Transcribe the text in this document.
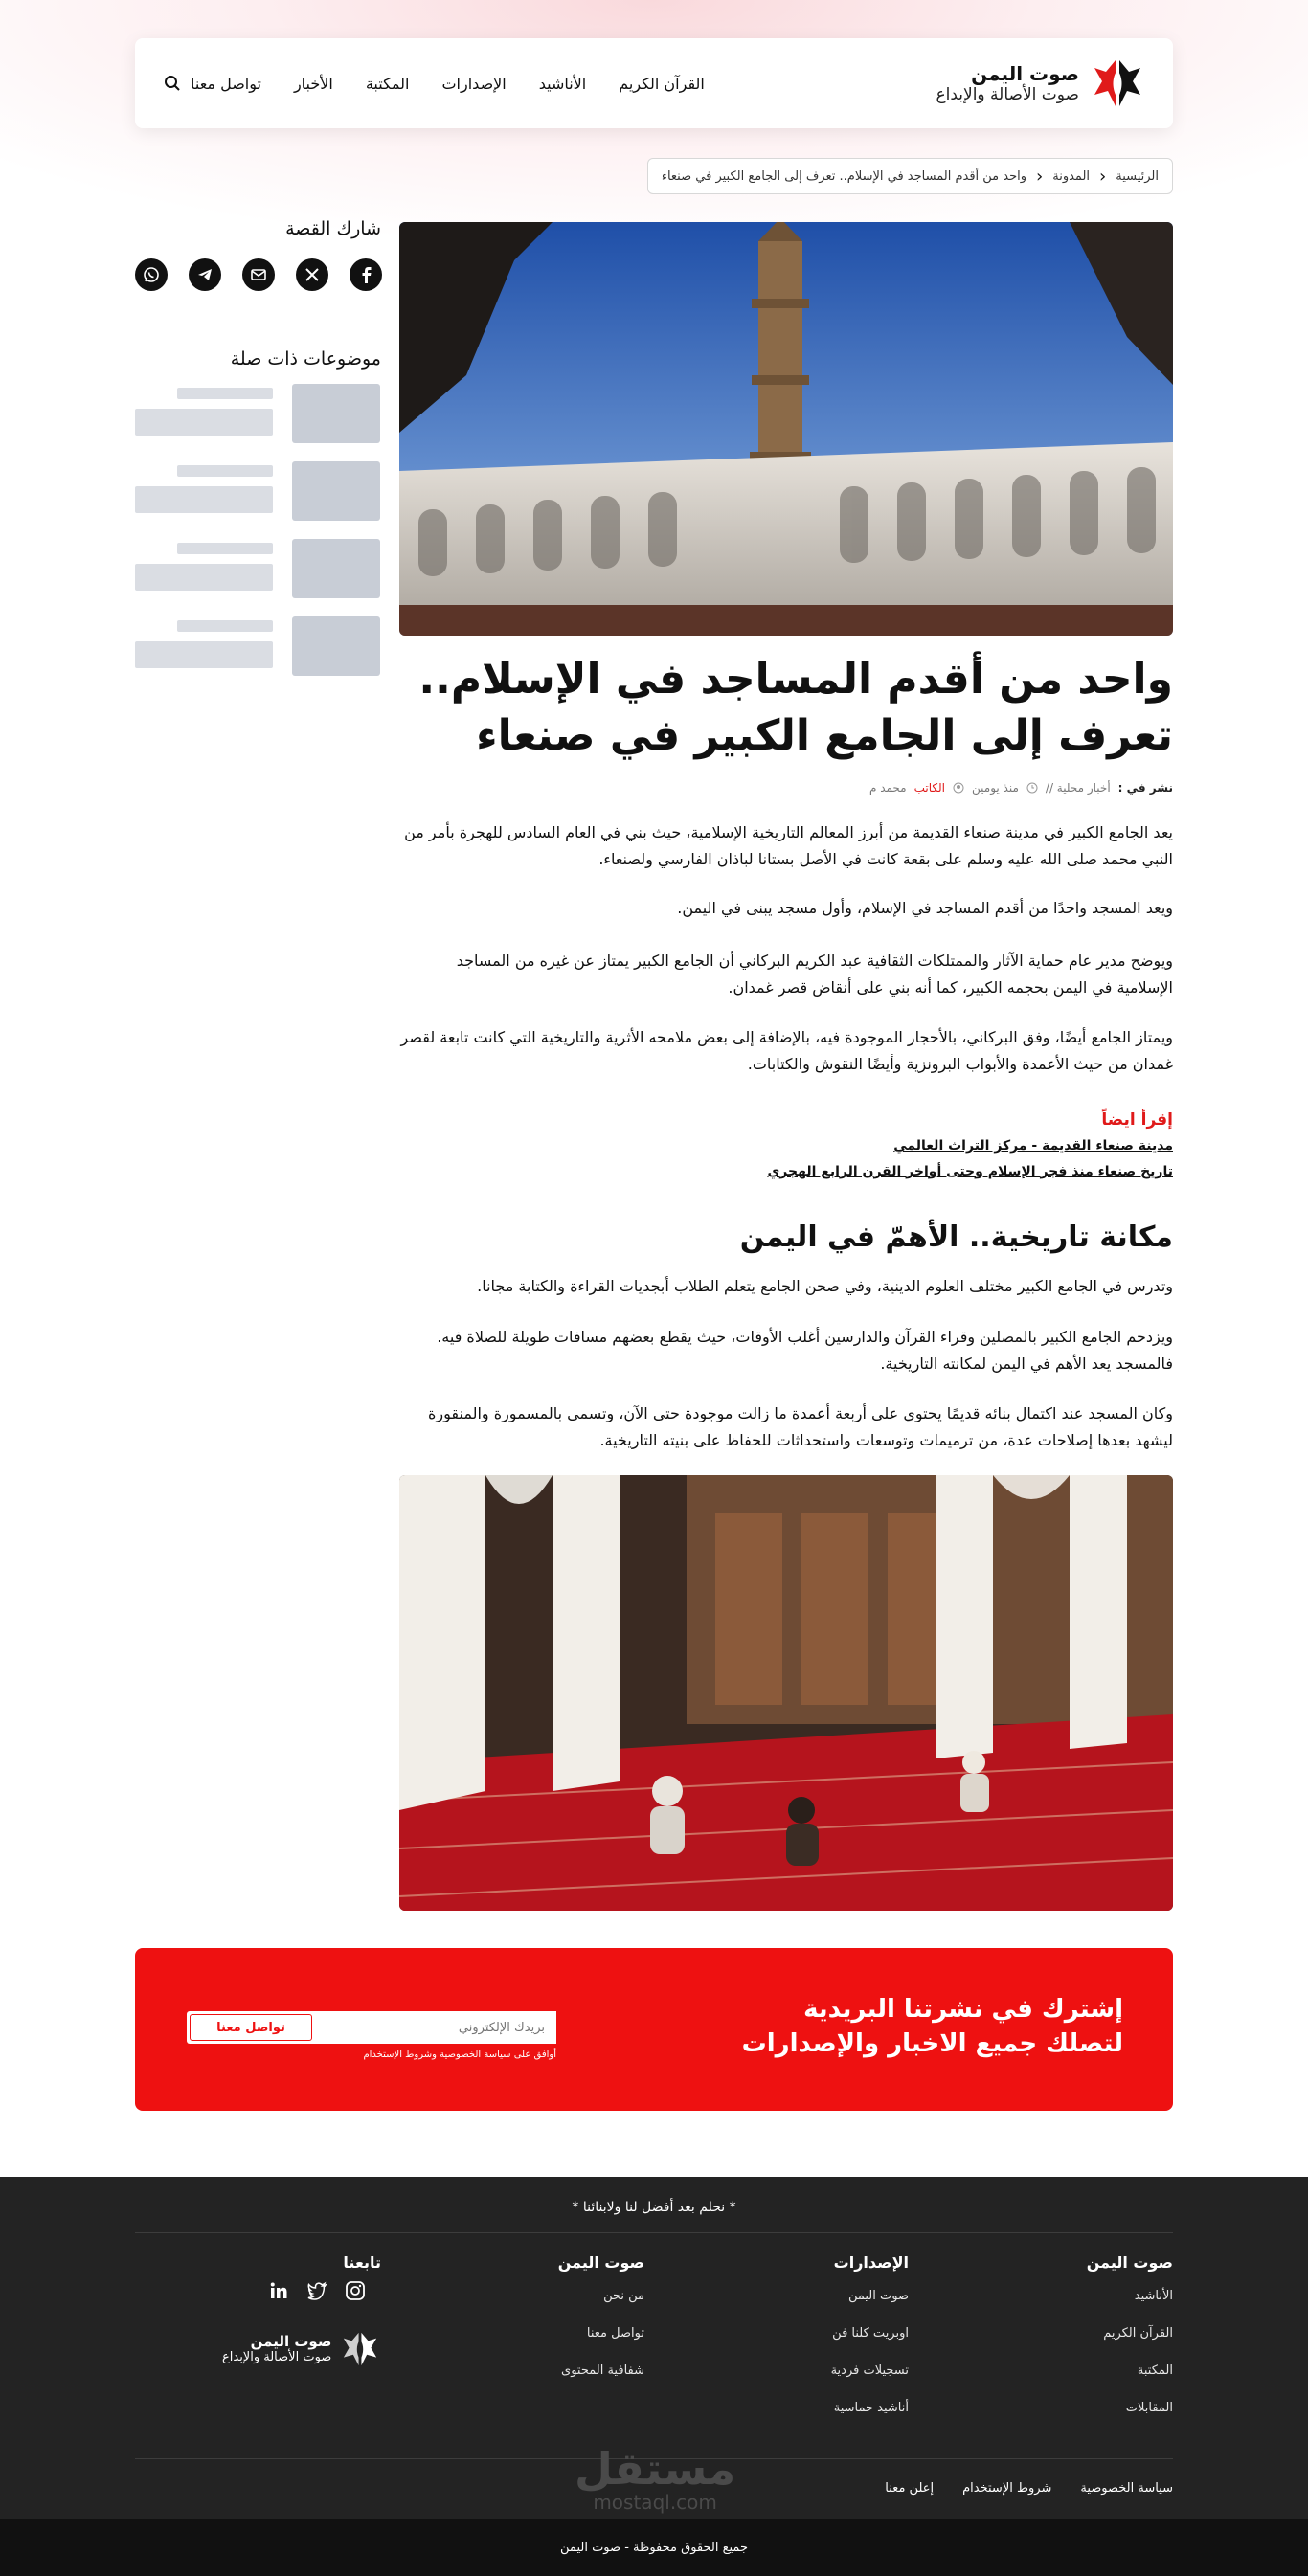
صوت اليمن
صوت الأصالة والإبداع
القرآن الكريم
الأناشيد
الإصدارات
المكتبة
الأخبار
تواصل معنا
الرئيسية
›
المدونة
›
واحد من أقدم المساجد في الإسلام.. تعرف إلى الجامع الكبير في صنعاء
واحد من أقدم المساجد في الإسلام.. تعرف إلى الجامع الكبير في صنعاء
نشر في :
أخبار محلية //
منذ يومين
الكاتب
محمد م

يعد الجامع الكبير في مدينة صنعاء القديمة من أبرز المعالم التاريخية الإسلامية، حيث بني في العام السادس للهجرة بأمر من النبي محمد صلى الله عليه وسلم على بقعة كانت في الأصل بستانا لباذان الفارسي ولصنعاء.

ويعد المسجد واحدًا من أقدم المساجد في الإسلام، وأول مسجد يبنى في اليمن.

ويوضح مدير عام حماية الآثار والممتلكات الثقافية عبد الكريم البركاني أن الجامع الكبير يمتاز عن غيره من المساجد الإسلامية في اليمن بحجمه الكبير، كما أنه بني على أنقاض قصر غمدان.

ويمتاز الجامع أيضًا، وفق البركاني، بالأحجار الموجودة فيه، بالإضافة إلى بعض ملامحه الأثرية والتاريخية التي كانت تابعة لقصر غمدان من حيث الأعمدة والأبواب البرونزية وأيضًا النقوش والكتابات.

إقرأ ايضاً
مدينة صنعاء القديمة - مركز التراث العالمي
تاريخ صنعاء منذ فجر الإسلام وحتى أواخر القرن الرابع الهجري
مكانة تاريخية.. الأهمّ في اليمن

وتدرس في الجامع الكبير مختلف العلوم الدينية، وفي صحن الجامع يتعلم الطلاب أبجديات القراءة والكتابة مجانا.

ويزدحم الجامع الكبير بالمصلين وقراء القرآن والدارسين أغلب الأوقات، حيث يقطع بعضهم مسافات طويلة للصلاة فيه. فالمسجد يعد الأهم في اليمن لمكانته التاريخية.

وكان المسجد عند اكتمال بنائه قديمًا يحتوي على أربعة أعمدة ما زالت موجودة حتى الآن، وتسمى بالمسمورة والمنقورة ليشهد بعدها إصلاحات عدة، من ترميمات وتوسعات واستحداثات للحفاظ على بنيته التاريخية.

شارك القصة
موضوعات ذات صلة
إشترك في نشرتنا البريدية
لتصلك جميع الاخبار والإصدارات
بريدك الإلكتروني
تواصل معنا
أوافق على سياسة الخصوصية وشروط الإستخدام
* نحلم بغد أفضل لنا ولابنائنا *
صوت اليمن
الأناشيد
القرآن الكريم
المكتبة
المقابلات
الإصدارات
صوت اليمن
اوبريت كلنا فن
تسجيلات فردية
أناشيد حماسية
صوت اليمن
من نحن
تواصل معنا
شفافية المحتوى
تابعنا
صوت اليمن
صوت الأصالة والإبداع
مستقل
mostaql.com
سياسة الخصوصية
شروط الإستخدام
إعلن معنا
جميع الحقوق محفوظة - صوت اليمن
